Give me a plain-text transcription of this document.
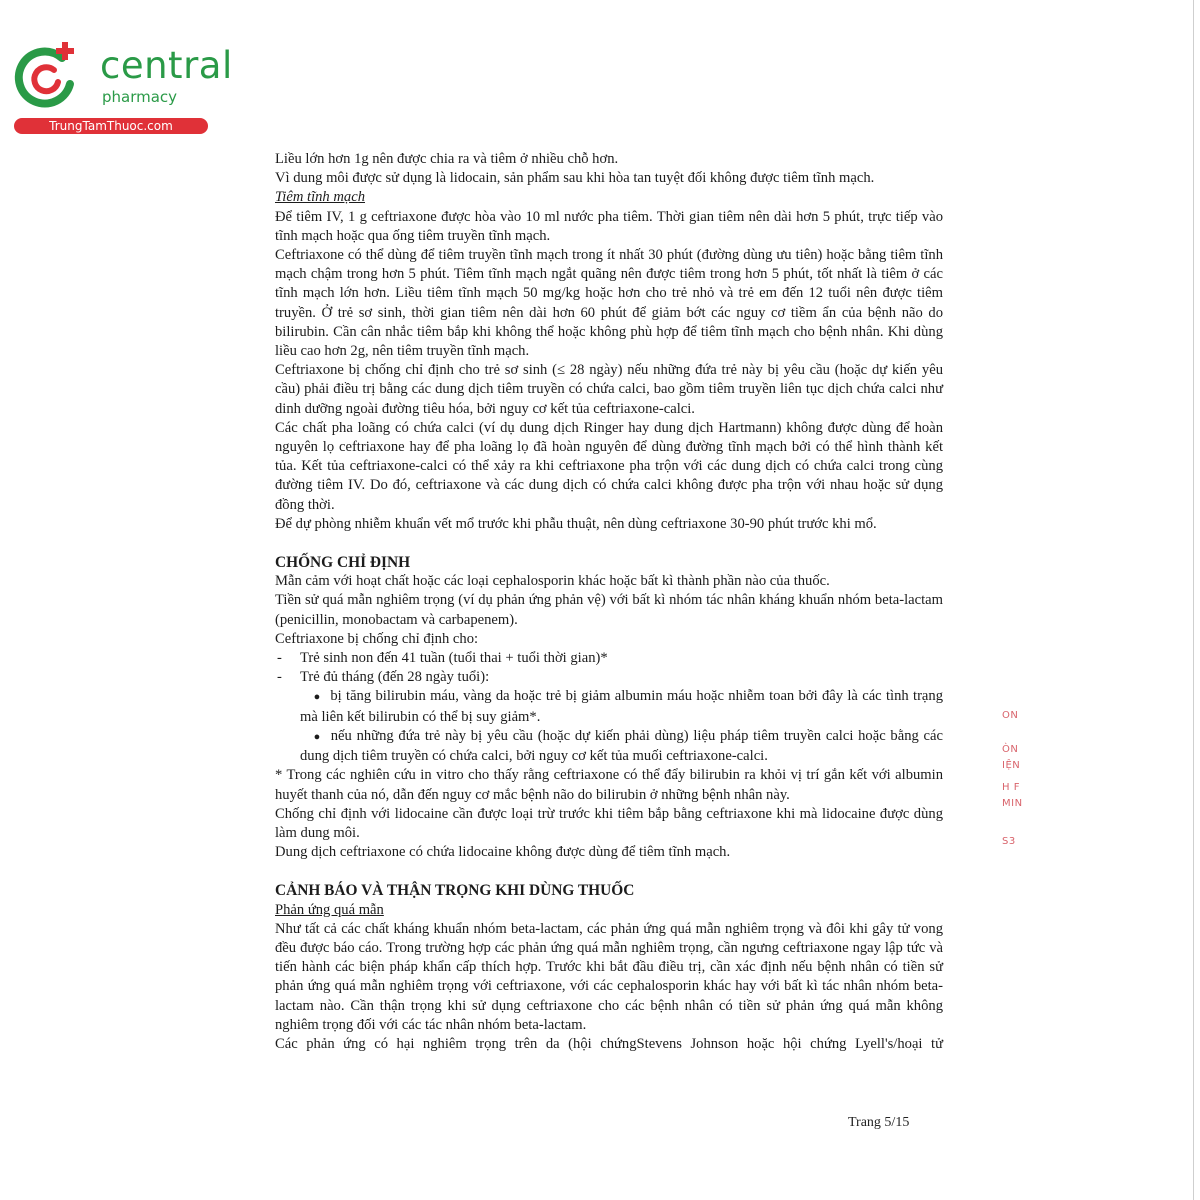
central
pharmacy
TrungTamThuoc.com

Liều lớn hơn 1g nên được chia ra và tiêm ở nhiều chỗ hơn.

Vì dung môi được sử dụng là lidocain, sản phẩm sau khi hòa tan tuyệt đối không được tiêm tĩnh mạch.

Tiêm tĩnh mạch

Để tiêm IV, 1 g ceftriaxone được hòa vào 10 ml nước pha tiêm. Thời gian tiêm nên dài hơn 5 phút, trực tiếp vào tĩnh mạch hoặc qua ống tiêm truyền tĩnh mạch.

Ceftriaxone có thể dùng để tiêm truyền tĩnh mạch trong ít nhất 30 phút (đường dùng ưu tiên) hoặc bằng tiêm tĩnh mạch chậm trong hơn 5 phút. Tiêm tĩnh mạch ngắt quãng nên được tiêm trong hơn 5 phút, tốt nhất là tiêm ở các tĩnh mạch lớn hơn. Liều tiêm tĩnh mạch 50 mg/kg hoặc hơn cho trẻ nhỏ và trẻ em đến 12 tuổi nên được tiêm truyền. Ở trẻ sơ sinh, thời gian tiêm nên dài hơn 60 phút để giảm bớt các nguy cơ tiềm ẩn của bệnh não do bilirubin. Cần cân nhắc tiêm bắp khi không thể hoặc không phù hợp để tiêm tĩnh mạch cho bệnh nhân. Khi dùng liều cao hơn 2g, nên tiêm truyền tĩnh mạch.

Ceftriaxone bị chống chỉ định cho trẻ sơ sinh (≤ 28 ngày) nếu những đứa trẻ này bị yêu cầu (hoặc dự kiến yêu cầu) phải điều trị bằng các dung dịch tiêm truyền có chứa calci, bao gồm tiêm truyền liên tục dịch chứa calci như dinh dưỡng ngoài đường tiêu hóa, bởi nguy cơ kết tủa ceftriaxone-calci.

Các chất pha loãng có chứa calci (ví dụ dung dịch Ringer hay dung dịch Hartmann) không được dùng để hoàn nguyên lọ ceftriaxone hay để pha loãng lọ đã hoàn nguyên để dùng đường tĩnh mạch bởi có thể hình thành kết tủa. Kết tủa ceftriaxone-calci có thể xảy ra khi ceftriaxone pha trộn với các dung dịch có chứa calci trong cùng đường tiêm IV. Do đó, ceftriaxone và các dung dịch có chứa calci không được pha trộn với nhau hoặc sử dụng đồng thời.

Để dự phòng nhiễm khuẩn vết mổ trước khi phẫu thuật, nên dùng ceftriaxone 30-90 phút trước khi mổ.

CHỐNG CHỈ ĐỊNH

Mẫn cảm với hoạt chất hoặc các loại cephalosporin khác hoặc bất kì thành phần nào của thuốc.

Tiền sử quá mẫn nghiêm trọng (ví dụ phản ứng phản vệ) với bất kì nhóm tác nhân kháng khuẩn nhóm beta-lactam (penicillin, monobactam và carbapenem).

Ceftriaxone bị chống chỉ định cho:

-	Trẻ sinh non đến 41 tuần (tuổi thai + tuổi thời gian)*
-	Trẻ đủ tháng (đến 28 ngày tuổi):

● bị tăng bilirubin máu, vàng da hoặc trẻ bị giảm albumin máu hoặc nhiễm toan bởi đây là các tình trạng mà liên kết bilirubin có thể bị suy giảm*.

● nếu những đứa trẻ này bị yêu cầu (hoặc dự kiến phải dùng) liệu pháp tiêm truyền calci hoặc bằng các dung dịch tiêm truyền có chứa calci, bởi nguy cơ kết tủa muối ceftriaxone-calci.

* Trong các nghiên cứu in vitro cho thấy rằng ceftriaxone có thể đẩy bilirubin ra khỏi vị trí gắn kết với albumin huyết thanh của nó, dẫn đến nguy cơ mắc bệnh não do bilirubin ở những bệnh nhân này.

Chống chỉ định với lidocaine cần được loại trừ trước khi tiêm bắp bằng ceftriaxone khi mà lidocaine được dùng làm dung môi.

Dung dịch ceftriaxone có chứa lidocaine không được dùng để tiêm tĩnh mạch.

CẢNH BÁO VÀ THẬN TRỌNG KHI DÙNG THUỐC

Phản ứng quá mẫn

Như tất cả các chất kháng khuẩn nhóm beta-lactam, các phản ứng quá mẫn nghiêm trọng và đôi khi gây tử vong đều được báo cáo. Trong trường hợp các phản ứng quá mẫn nghiêm trọng, cần ngưng ceftriaxone ngay lập tức và tiến hành các biện pháp khẩn cấp thích hợp. Trước khi bắt đầu điều trị, cần xác định nếu bệnh nhân có tiền sử phản ứng quá mẫn nghiêm trọng với ceftriaxone, với các cephalosporin khác hay với bất kì tác nhân nhóm beta-lactam nào. Cần thận trọng khi sử dụng ceftriaxone cho các bệnh nhân có tiền sử phản ứng quá mẫn không nghiêm trọng đối với các tác nhân nhóm beta-lactam.

Các phản ứng có hại nghiêm trọng trên da (hội chứngStevens Johnson hoặc hội chứng Lyell's/hoại tử

Trang 5/15
ON
ÒN
IỆN
H F
MIN
S3
